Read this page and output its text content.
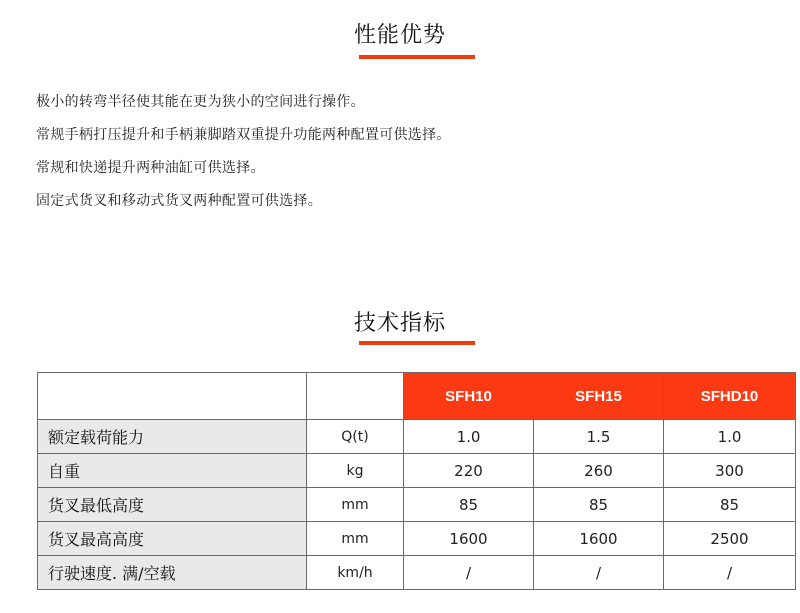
性能优势
极小的转弯半径使其能在更为狭小的空间进行操作。
常规手柄打压提升和手柄兼脚踏双重提升功能两种配置可供选择。
常规和快递提升两种油缸可供选择。
固定式货叉和移动式货叉两种配置可供选择。
技术指标
		SFH10	SFH15	SFHD10
额定载荷能力	Q(t)	1.0	1.5	1.0
自重	kg	220	260	300
货叉最低高度	mm	85	85	85
货叉最高高度	mm	1600	1600	2500
行驶速度. 满/空载	km/h	/	/	/
